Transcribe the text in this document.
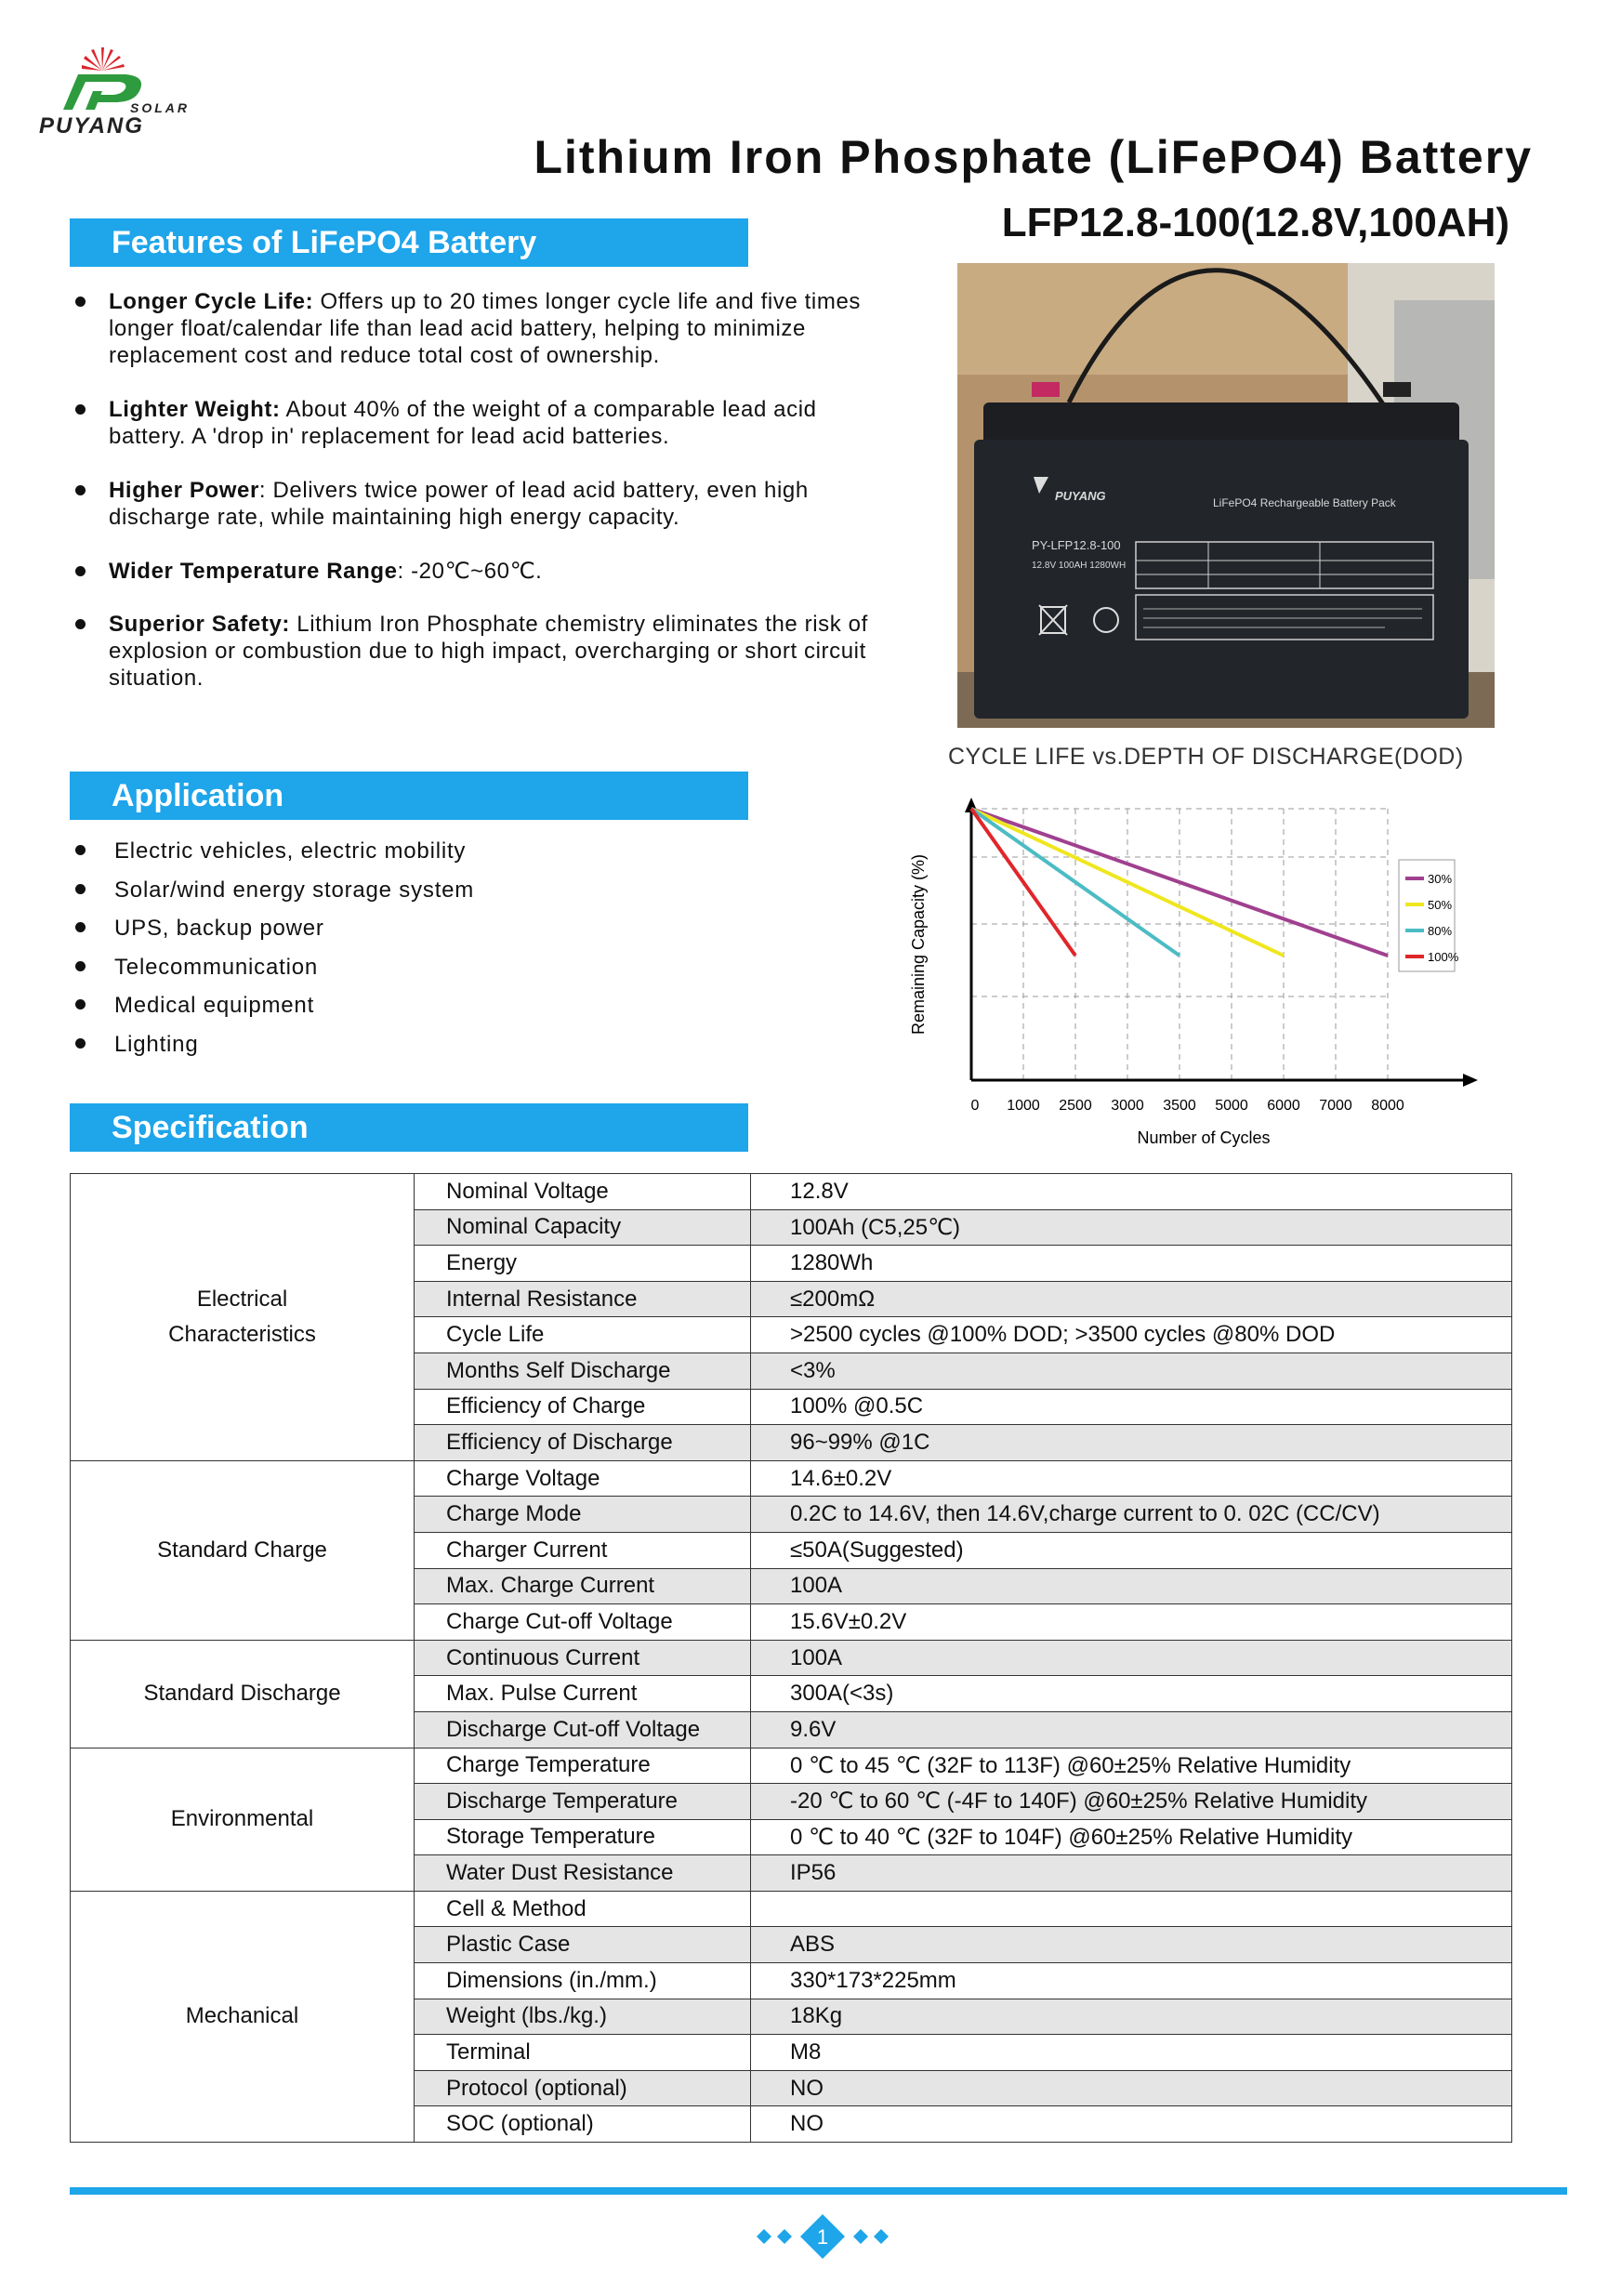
SOLAR
PUYANG
Lithium Iron Phosphate (LiFePO4) Battery
LFP12.8-100(12.8V,100AH)
Features of LiFePO4 Battery
Longer Cycle Life: Offers up to 20 times longer cycle life and five times longer float/calendar life than lead acid battery, helping to minimize replacement cost and reduce total cost of ownership.
Lighter Weight: About 40% of the weight of a comparable lead acid battery. A 'drop in' replacement for lead acid batteries.
Higher Power: Delivers twice power of lead acid battery, even high discharge rate, while maintaining high energy capacity.
Wider Temperature Range: -20℃~60℃.
Superior Safety: Lithium Iron Phosphate chemistry eliminates the risk of explosion or combustion due to high impact, overcharging or short circuit situation.
Application
Electric vehicles, electric mobility
Solar/wind energy storage system
UPS, backup power
Telecommunication
Medical equipment
Lighting
PUYANG	LiFePO4 Rechargeable Battery Pack
PY-LFP12.8-100
12.8V 100AH 1280WH
CYCLE LIFE vs.DEPTH OF DISCHARGE(DOD)
0 1000 2500 3000 3500 5000 6000 7000 8000
30%
50%
80%
100%
Number of Cycles
Remaining Capacity (%)
Specification
Electrical
Characteristics	Nominal Voltage	12.8V
	Nominal Capacity	100Ah (C5,25℃)
	Energy	1280Wh
	Internal Resistance	≤200mΩ
	Cycle Life	>2500 cycles @100% DOD; >3500 cycles @80% DOD
	Months Self Discharge	<3%
	Efficiency of Charge	100% @0.5C
	Efficiency of Discharge	96~99% @1C

Standard Charge	Charge Voltage	14.6±0.2V
	Charge Mode	0.2C to 14.6V, then 14.6V,charge current to 0. 02C (CC/CV)
	Charger Current	≤50A(Suggested)
	Max. Charge Current	100A
	Charge Cut-off Voltage	15.6V±0.2V

Standard Discharge	Continuous Current	100A
	Max. Pulse Current	300A(<3s)
	Discharge Cut-off Voltage	9.6V

Environmental	Charge Temperature	0 ℃ to 45 ℃ (32F to 113F) @60±25% Relative Humidity
	Discharge Temperature	-20 ℃ to 60 ℃ (-4F to 140F) @60±25% Relative Humidity
	Storage Temperature	0 ℃ to 40 ℃ (32F to 104F) @60±25% Relative Humidity
	Water Dust Resistance	IP56

Mechanical	Cell & Method	
	Plastic Case	ABS
	Dimensions (in./mm.)	330*173*225mm
	Weight (lbs./kg.)	18Kg
	Terminal	M8
	Protocol (optional)	NO
	SOC (optional)	NO
1
